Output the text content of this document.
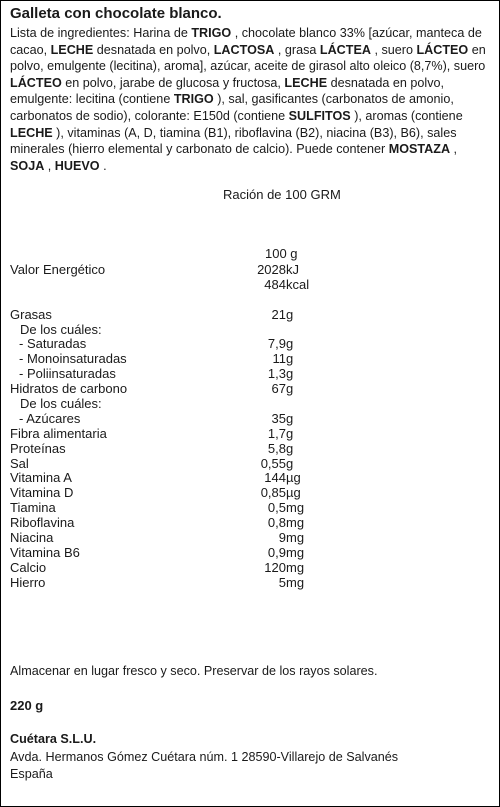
Galleta con chocolate blanco.
Lista de ingredientes: Harina de TRIGO , chocolate blanco 33% [azúcar, manteca de cacao, LECHE desnatada en polvo, LACTOSA , grasa LÁCTEA , suero LÁCTEO en polvo, emulgente (lecitina), aroma], azúcar, aceite de girasol alto oleico (8,7%), suero LÁCTEO en polvo, jarabe de glucosa y fructosa, LECHE desnatada en polvo, emulgente: lecitina (contiene TRIGO ), sal, gasificantes (carbonatos de amonio, carbonatos de sodio), colorante: E150d (contiene SULFITOS ), aromas (contiene LECHE ), vitaminas (A, D, tiamina (B1), riboflavina (B2), niacina (B3), B6), sales minerales (hierro elemental y carbonato de calcio). Puede contener MOSTAZA , SOJA , HUEVO .
Ración de 100 GRM
100 g
Valor Energético	2028 kJ
484 kcal
Grasas	21 g
De los cuáles:
- Saturadas	7,9 g
- Monoinsaturadas	11 g
- Poliinsaturadas	1,3 g
Hidratos de carbono	67 g
De los cuáles:
- Azúcares	35 g
Fibra alimentaria	1,7 g
Proteínas	5,8 g
Sal	0,55 g
Vitamina A	144 µg
Vitamina D	0,85 µg
Tiamina	0,5 mg
Riboflavina	0,8 mg
Niacina	9 mg
Vitamina B6	0,9 mg
Calcio	120 mg
Hierro	5 mg
Almacenar en lugar fresco y seco. Preservar de los rayos solares.
220 g
Cuétara S.L.U.
Avda. Hermanos Gómez Cuétara núm. 1 28590-Villarejo de Salvanés
España
